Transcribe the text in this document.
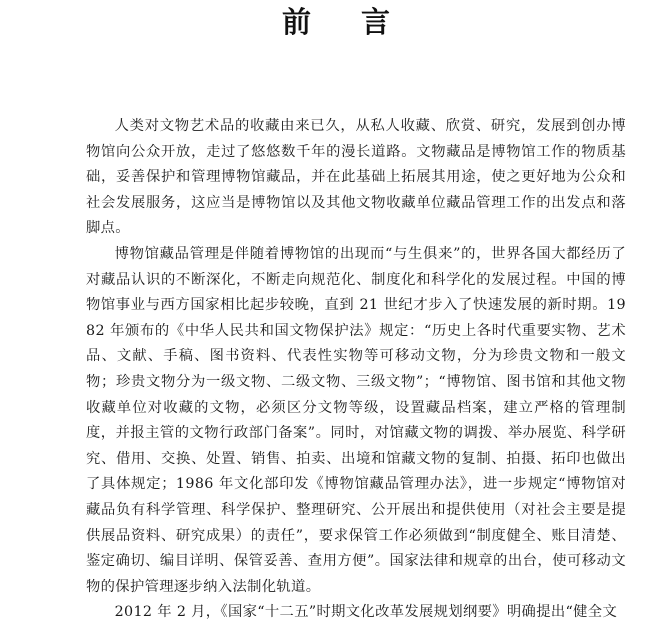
前 言

人类对文物艺术品的收藏由来已久，从私人收藏、欣赏、研究，发展到创办博物馆向公众开放，走过了悠悠数千年的漫长道路。文物藏品是博物馆工作的物质基础，妥善保护和管理博物馆藏品，并在此基础上拓展其用途，使之更好地为公众和社会发展服务，这应当是博物馆以及其他文物收藏单位藏品管理工作的出发点和落脚点。

博物馆藏品管理是伴随着博物馆的出现而“与生俱来”的，世界各国大都经历了对藏品认识的不断深化，不断走向规范化、制度化和科学化的发展过程。中国的博物馆事业与西方国家相比起步较晚，直到 21 世纪才步入了快速发展的新时期。1982 年颁布的《中华人民共和国文物保护法》规定：“历史上各时代重要实物、艺术品、文献、手稿、图书资料、代表性实物等可移动文物，分为珍贵文物和一般文物；珍贵文物分为一级文物、二级文物、三级文物”；“博物馆、图书馆和其他文物收藏单位对收藏的文物，必须区分文物等级，设置藏品档案，建立严格的管理制度，并报主管的文物行政部门备案”。同时，对馆藏文物的调拨、举办展览、科学研究、借用、交换、处置、销售、拍卖、出境和馆藏文物的复制、拍摄、拓印也做出了具体规定；1986 年文化部印发《博物馆藏品管理办法》，进一步规定“博物馆对藏品负有科学管理、科学保护、整理研究、公开展出和提供使用（对社会主要是提供展品资料、研究成果）的责任”，要求保管工作必须做到“制度健全、账目清楚、鉴定确切、编目详明、保管妥善、查用方便”。国家法律和规章的出台，使可移动文物的保护管理逐步纳入法制化轨道。

2012 年 2 月，《国家“十二五”时期文化改革发展规划纲要》明确提出“健全文
